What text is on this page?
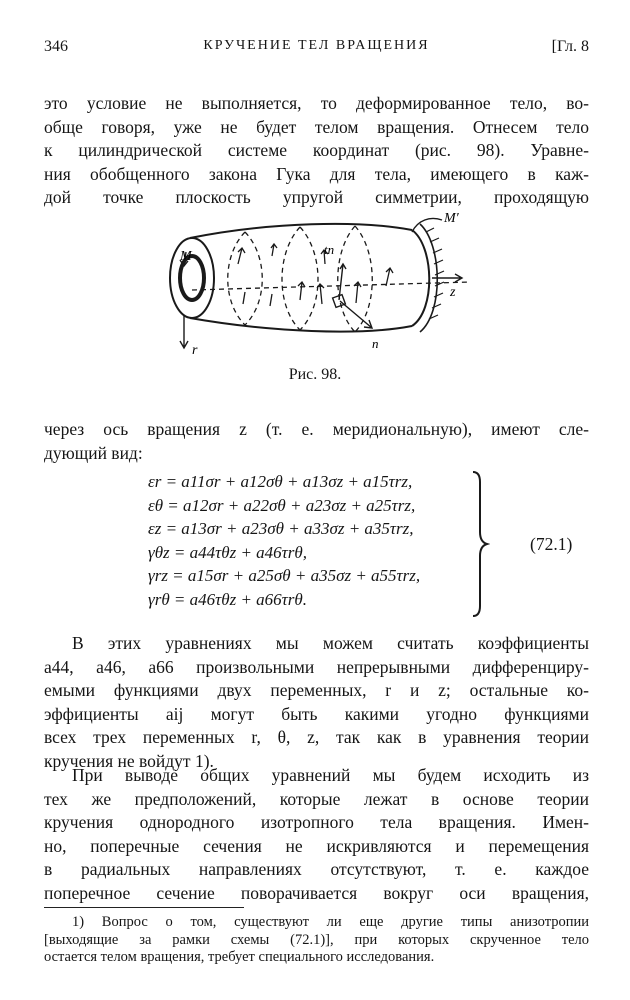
346	КРУЧЕНИЕ ТЕЛ ВРАЩЕНИЯ	[Гл. 8
это условие не выполняется, то деформированное тело, во-
обще говоря, уже не будет телом вращения. Отнесем тело
к цилиндрической системе координат (рис. 98). Уравне-
ния обобщенного закона Гука для тела, имеющего в каж-
дой точке плоскость упругой симметрии, проходящую
M
M′
tn
z
r	n
Рис. 98.
через ось вращения z (т. е. меридиональную), имеют сле-
дующий вид:
εr = a11σr + a12σθ + a13σz + a15τrz,
εθ = a12σr + a22σθ + a23σz + a25τrz,
εz = a13σr + a23σθ + a33σz + a35τrz,
γθz = a44τθz + a46τrθ,
γrz = a15σr + a25σθ + a35σz + a55τrz,
γrθ = a46τθz + a66τrθ.
(72.1)
В этих уравнениях мы можем считать коэффициенты
a44, a46, a66 произвольными непрерывными дифференциру-
емыми функциями двух переменных, r и z; остальные ко-
эффициенты aij могут быть какими угодно функциями
всех трех переменных r, θ, z, так как в уравнения теории
кручения не войдут 1).
При выводе общих уравнений мы будем исходить из
тех же предположений, которые лежат в основе теории
кручения однородного изотропного тела вращения. Имен-
но, поперечные сечения не искривляются и перемещения
в радиальных направлениях отсутствуют, т. е. каждое
поперечное сечение поворачивается вокруг оси вращения,
1) Вопрос о том, существуют ли еще другие типы анизотропии
[выходящие за рамки схемы (72.1)], при которых скрученное тело
остается телом вращения, требует специального исследования.
